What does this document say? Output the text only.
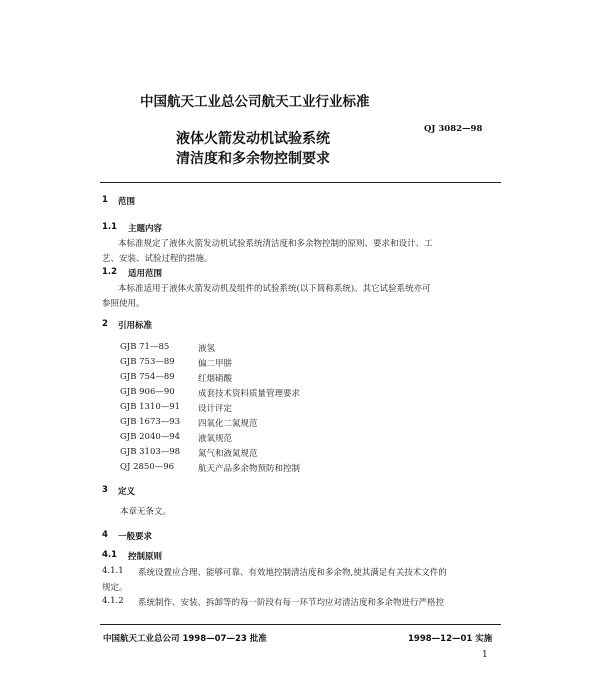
中国航天工业总公司航天工业行业标准
QJ 3082—98
液体火箭发动机试验系统
清洁度和多余物控制要求
1 范围
1.1 主题内容
本标准规定了液体火箭发动机试验系统清洁度和多余物控制的原则、要求和设计、工
艺、安装、试验过程的措施。
1.2 适用范围
本标准适用于液体火箭发动机及组件的试验系统(以下简称系统)。其它试验系统亦可
参照使用。
2 引用标准
GJB 71—85	液氢
GJB 753—89	偏二甲肼
GJB 754—89	红烟硝酸
GJB 906—90	成套技术资料质量管理要求
GJB 1310—91 设计评定
GJB 1673—93 四氧化二氮规范
GJB 2040—94 液氧规范
GJB 3103—98 氮气和液氮规范
QJ 2850—96	航天产品多余物预防和控制
3 定义
本章无条文。
4 一般要求
4.1 控制原则
4.1.1 系统设置应合理、能够可靠、有效地控制清洁度和多余物,使其满足有关技术文件的
规定。
4.1.2 系统制作、安装、拆卸等的每一阶段有每一环节均应对清洁度和多余物进行严格控
中国航天工业总公司 1998—07—23 批准	1998—12—01 实施
1
